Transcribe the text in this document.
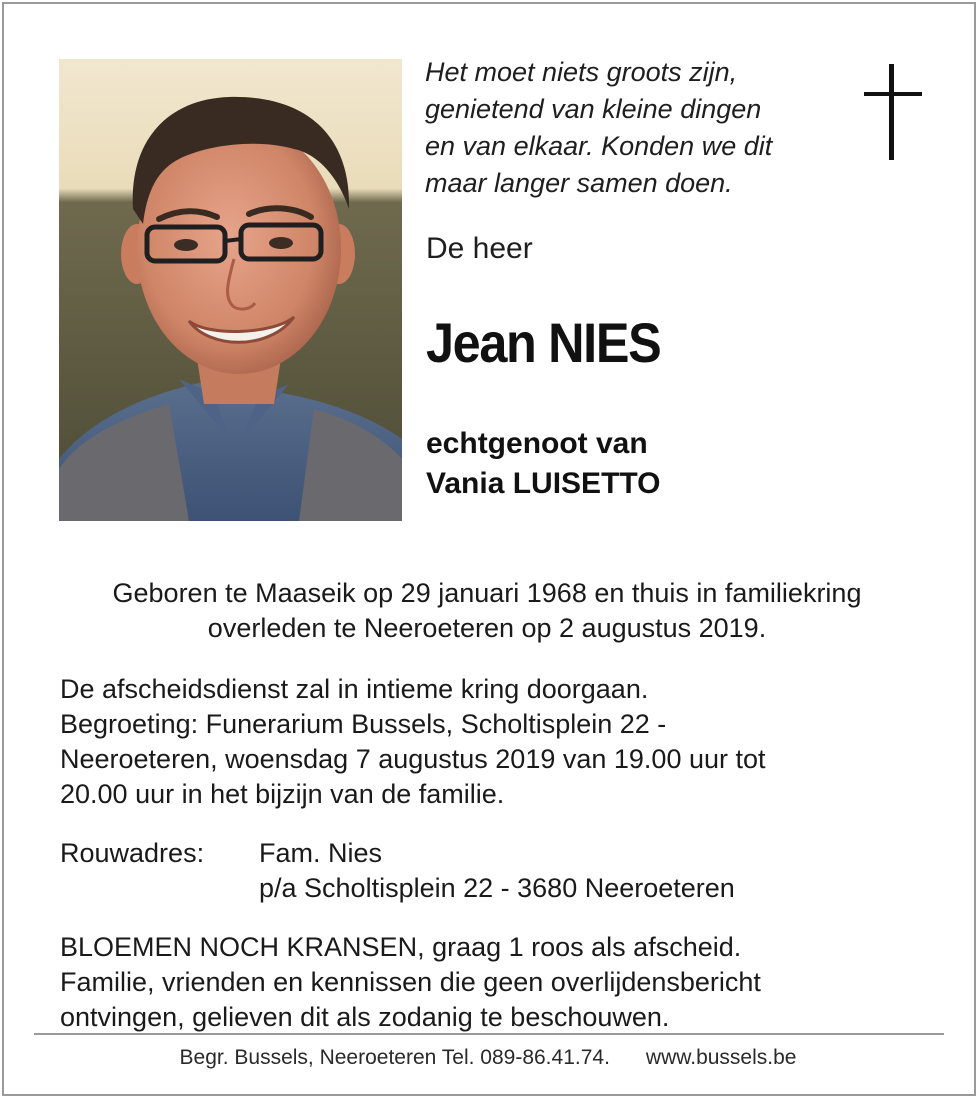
Het moet niets groots zijn,
genietend van kleine dingen
en van elkaar. Konden we dit
maar langer samen doen.
De heer
Jean NIES
echtgenoot van
Vania LUISETTO
Geboren te Maaseik op 29 januari 1968 en thuis in familiekring
overleden te Neeroeteren op 2 augustus 2019.
De afscheidsdienst zal in intieme kring doorgaan.
Begroeting: Funerarium Bussels, Scholtisplein 22 -
Neeroeteren, woensdag 7 augustus 2019 van 19.00 uur tot
20.00 uur in het bijzijn van de familie.
Rouwadres:	Fam. Nies
p/a Scholtisplein 22 - 3680 Neeroeteren
BLOEMEN NOCH KRANSEN, graag 1 roos als afscheid.
Familie, vrienden en kennissen die geen overlijdensbericht
ontvingen, gelieven dit als zodanig te beschouwen.
Begr. Bussels, Neeroeteren Tel. 089-86.41.74. www.bussels.be
